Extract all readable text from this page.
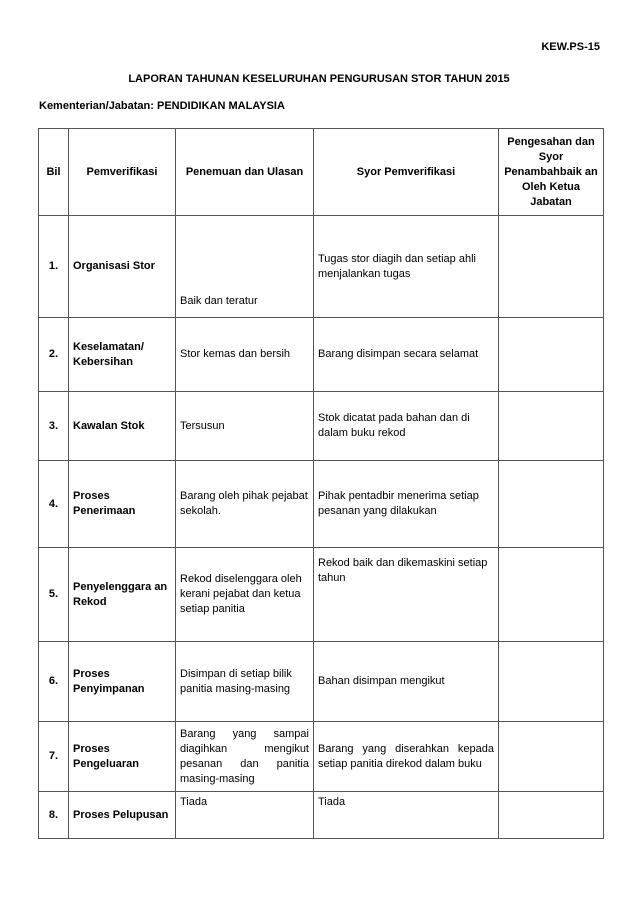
KEW.PS-15
LAPORAN TAHUNAN KESELURUHAN PENGURUSAN STOR TAHUN 2015
Kementerian/Jabatan: PENDIDIKAN MALAYSIA
Bil	Pemverifikasi	Penemuan dan Ulasan	Syor Pemverifikasi	Pengesahan dan Syor Penambahbaik an Oleh Ketua Jabatan
1.	Organisasi Stor	Baik dan teratur	Tugas stor diagih dan setiap ahli menjalankan tugas	
2.	Keselamatan/ Kebersihan	Stor kemas dan bersih	Barang disimpan secara selamat	
3.	Kawalan Stok	Tersusun	Stok dicatat pada bahan dan di dalam buku rekod	
4.	Proses Penerimaan	Barang oleh pihak pejabat sekolah.	Pihak pentadbir menerima setiap pesanan yang dilakukan	
5.	Penyelenggara an Rekod	Rekod diselenggara oleh kerani pejabat dan ketua setiap panitia	Rekod baik dan dikemaskini setiap tahun	
6.	Proses Penyimpanan	Disimpan di setiap bilik panitia masing-masing	Bahan disimpan mengikut	
7.	Proses Pengeluaran	Barang yang sampai diagihkan mengikut pesanan dan panitia masing-masing	Barang yang diserahkan kepada setiap panitia direkod dalam buku	
8.	Proses Pelupusan	Tiada	Tiada	
